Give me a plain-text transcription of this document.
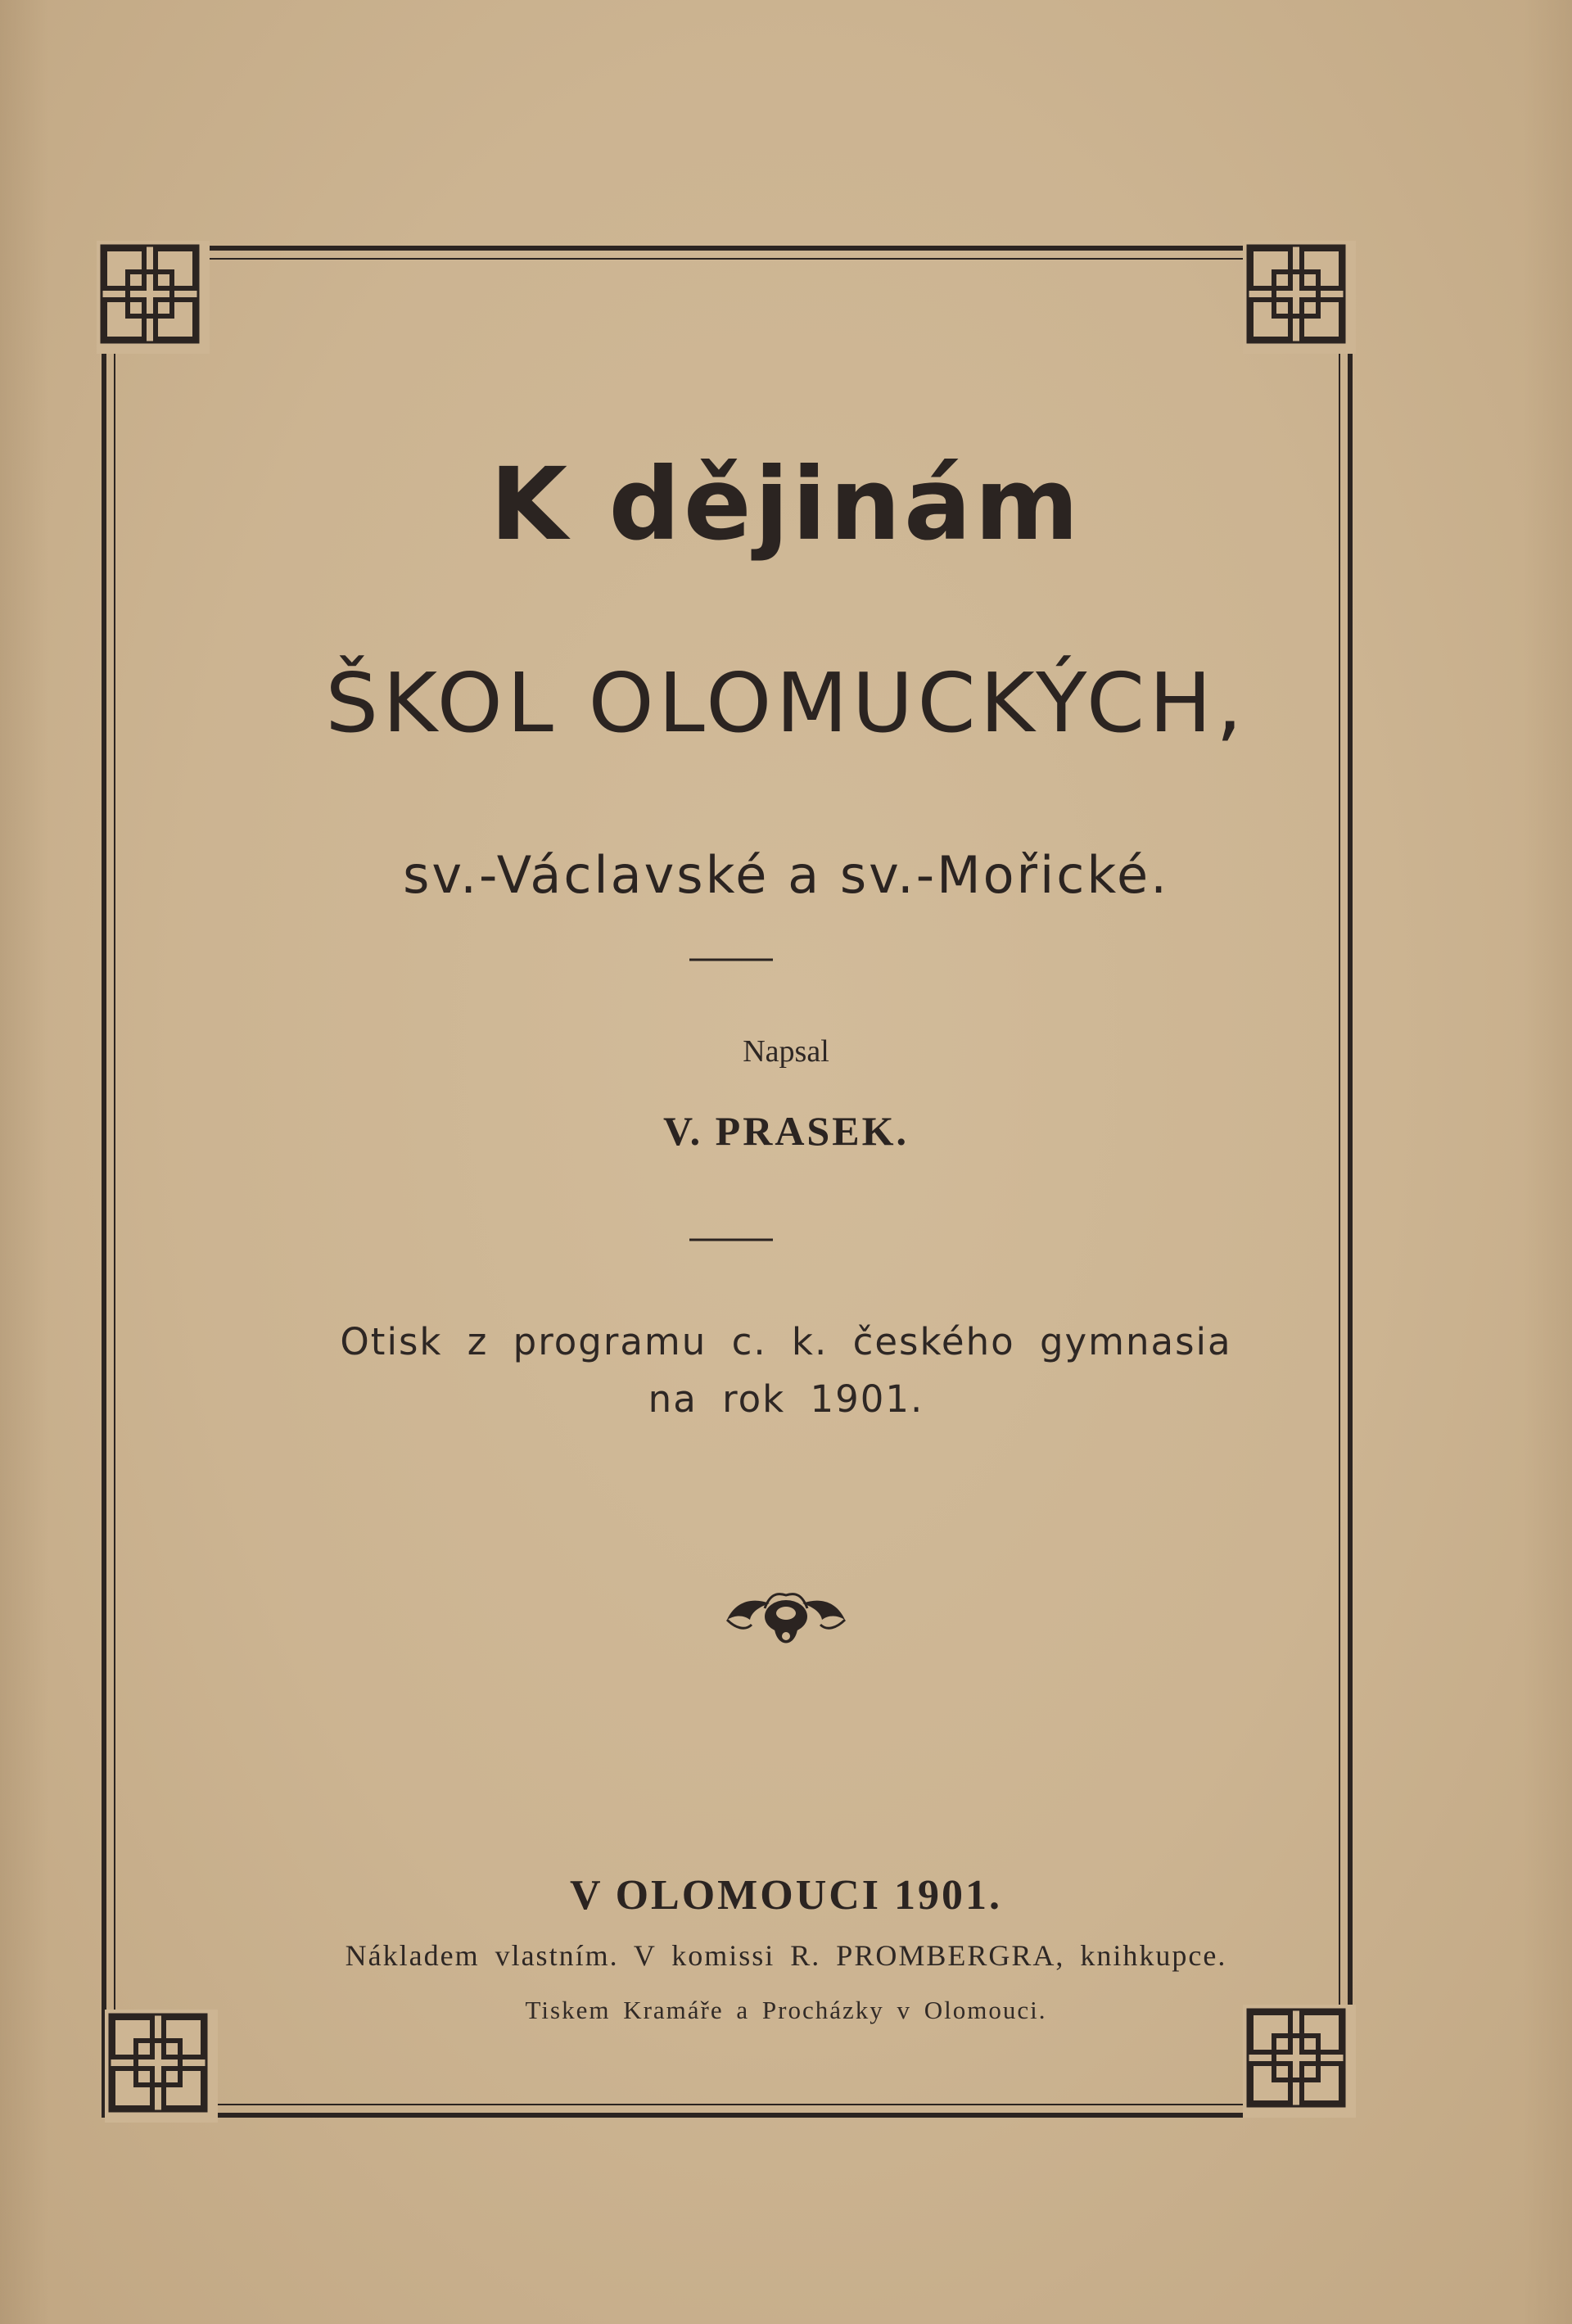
K dějinám
ŠKOL OLOMUCKÝCH,

sv.-Václavské a sv.-Mořické.

Napsal

V. PRASEK.

Otisk z programu c. k. českého gymnasia

na rok 1901.

V OLOMOUCI 1901.

Nákladem vlastním. V komissi R. PROMBERGRA, knihkupce.

Tiskem Kramáře a Procházky v Olomouci.
